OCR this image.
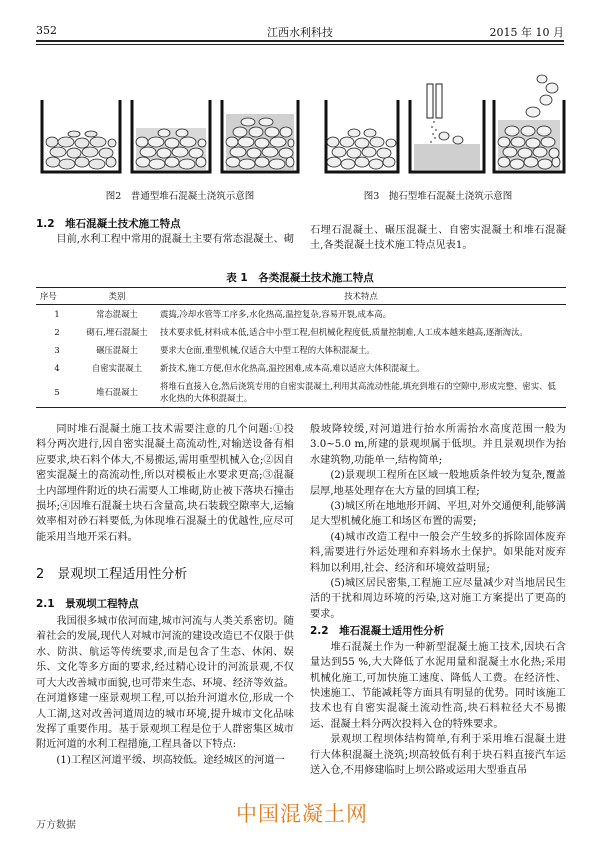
352	江西水利科技	2015 年 10 月
图2　普通型堆石混凝土浇筑示意图	图3　抛石型堆石混凝土浇筑示意图
1.2　堆石混凝土技术施工特点

目前,水利工程中常用的混凝土主要有常态混凝土、砌

石埋石混凝土、碾压混凝土、自密实混凝土和堆石混凝土,各类混凝土技术施工特点见表1。

表 1　各类混凝土技术施工特点
序号	类别	技术特点
1	常态混凝土	震捣,冷却水管等工序多,水化热高,温控复杂,容易开裂,成本高。
2	砌石,埋石混凝土	技术要求低,材料成本低,适合中小型工程,但机械化程度低,质量控制难,人工成本越来越高,逐渐淘汰。
3	碾压混凝土	要求大仓面,重型机械,仅适合大中型工程的大体积混凝土。
4	自密实混凝土	新技术,施工方便,但水化热高,温控困难,成本高,难以适应大体积混凝土。
5	堆石混凝土	将堆石直接入仓,然后浇筑专用的自密实混凝土,利用其高流动性能,填充到堆石的空隙中,形成完整、密实、低水化热的大体积混凝土。

同时堆石混凝土施工技术需要注意的几个问题:①投料分两次进行,因自密实混凝土高流动性,对输送设备有相应要求,块石料个体大,不易搬运,需用重型机械入仓;②因自密实混凝土的高流动性,所以对模板止水要求更高;③混凝土内部埋件附近的块石需要人工堆砌,防止被下落块石撞击损坏;④因堆石混凝土块石含量高,块石装载空隙率大,运输效率相对砂石料要低,为体现堆石混凝土的优越性,应尽可能采用当地开采石料。

2　景观坝工程适用性分析
2.1　景观坝工程特点

我国很多城市依河而建,城市河流与人类关系密切。随着社会的发展,现代人对城市河流的建设改造已不仅限于供水、防洪、航运等传统要求,而是包含了生态、休闲、娱乐、文化等多方面的要求,经过精心设计的河流景观,不仅可大大改善城市面貌,也可带来生态、环境、经济等效益。在河道修建一座景观坝工程,可以抬升河道水位,形成一个人工湖,这对改善河道周边的城市环境,提升城市文化品味发挥了重要作用。基于景观坝工程是位于人群密集区城市附近河道的水利工程措施,工程具备以下特点:

(1)工程区河道平缓、坝高较低。途经城区的河道一

般坡降较缓,对河道进行抬水所需抬水高度范围一般为3.0~5.0 m,所建的景观坝属于低坝。并且景观坝作为抬水建筑物,功能单一,结构简单;

(2)景观坝工程所在区域一般地质条件较为复杂,覆盖层厚,地基处理存在大方量的回填工程;

(3)城区所在地地形开阔、平坦,对外交通便利,能够满足大型机械化施工和场区布置的需要;

(4)城市改造工程中一般会产生较多的拆除固体废弃料,需要进行外运处理和弃料场水土保护。如果能对废弃料加以利用,社会、经济和环境效益明显;

(5)城区居民密集,工程施工应尽量减少对当地居民生活的干扰和周边环境的污染,这对施工方案提出了更高的要求。

2.2　堆石混凝土适用性分析

堆石混凝土作为一种新型混凝土施工技术,因块石含量达到55 %,大大降低了水泥用量和混凝土水化热;采用机械化施工,可加快施工速度、降低人工费。在经济性、快速施工、节能减耗等方面具有明显的优势。同时该施工技术也有自密实混凝土流动性高,块石料粒径大不易搬运、混凝土料分两次投料入仓的特殊要求。

景观坝工程坝体结构简单,有利于采用堆石混凝土进行大体积混凝土浇筑;坝高较低有利于块石料直接汽车运送入仓,不用修建临时上坝公路或运用大型垂直吊

中国混凝土网
万方数据
